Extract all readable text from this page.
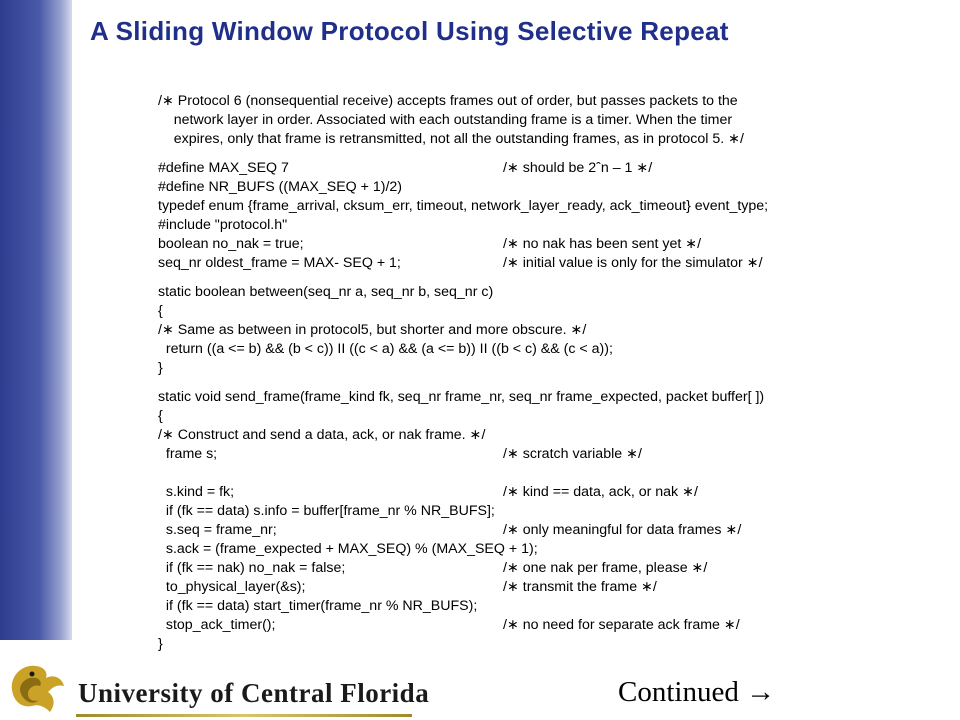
A Sliding Window Protocol Using Selective Repeat
/∗ Protocol 6 (nonsequential receive) accepts frames out of order, but passes packets to the
network layer in order. Associated with each outstanding frame is a timer. When the timer
expires, only that frame is retransmitted, not all the outstanding frames, as in protocol 5. ∗/
#define MAX_SEQ 7	/∗ should be 2ˆn – 1 ∗/
#define NR_BUFS ((MAX_SEQ + 1)/2)
typedef enum {frame_arrival, cksum_err, timeout, network_layer_ready, ack_timeout} event_type;
#include "protocol.h"
boolean no_nak = true;	/∗ no nak has been sent yet ∗/
seq_nr oldest_frame = MAX- SEQ + 1;	/∗ initial value is only for the simulator ∗/
static boolean between(seq_nr a, seq_nr b, seq_nr c)
{
/∗ Same as between in protocol5, but shorter and more obscure. ∗/
return ((a <= b) && (b < c)) II ((c < a) && (a <= b)) II ((b < c) && (c < a));
}
static void send_frame(frame_kind fk, seq_nr frame_nr, seq_nr frame_expected, packet buffer[ ])
{
/∗ Construct and send a data, ack, or nak frame. ∗/
frame s;	/∗ scratch variable ∗/
s.kind = fk;	/∗ kind == data, ack, or nak ∗/
if (fk == data) s.info = buffer[frame_nr % NR_BUFS];
s.seq = frame_nr;	/∗ only meaningful for data frames ∗/
s.ack = (frame_expected + MAX_SEQ) % (MAX_SEQ + 1);
if (fk == nak) no_nak = false;	/∗ one nak per frame, please ∗/
to_physical_layer(&s);	/∗ transmit the frame ∗/
if (fk == data) start_timer(frame_nr % NR_BUFS);
stop_ack_timer();	/∗ no need for separate ack frame ∗/
}
University of Central Florida	Continued →
